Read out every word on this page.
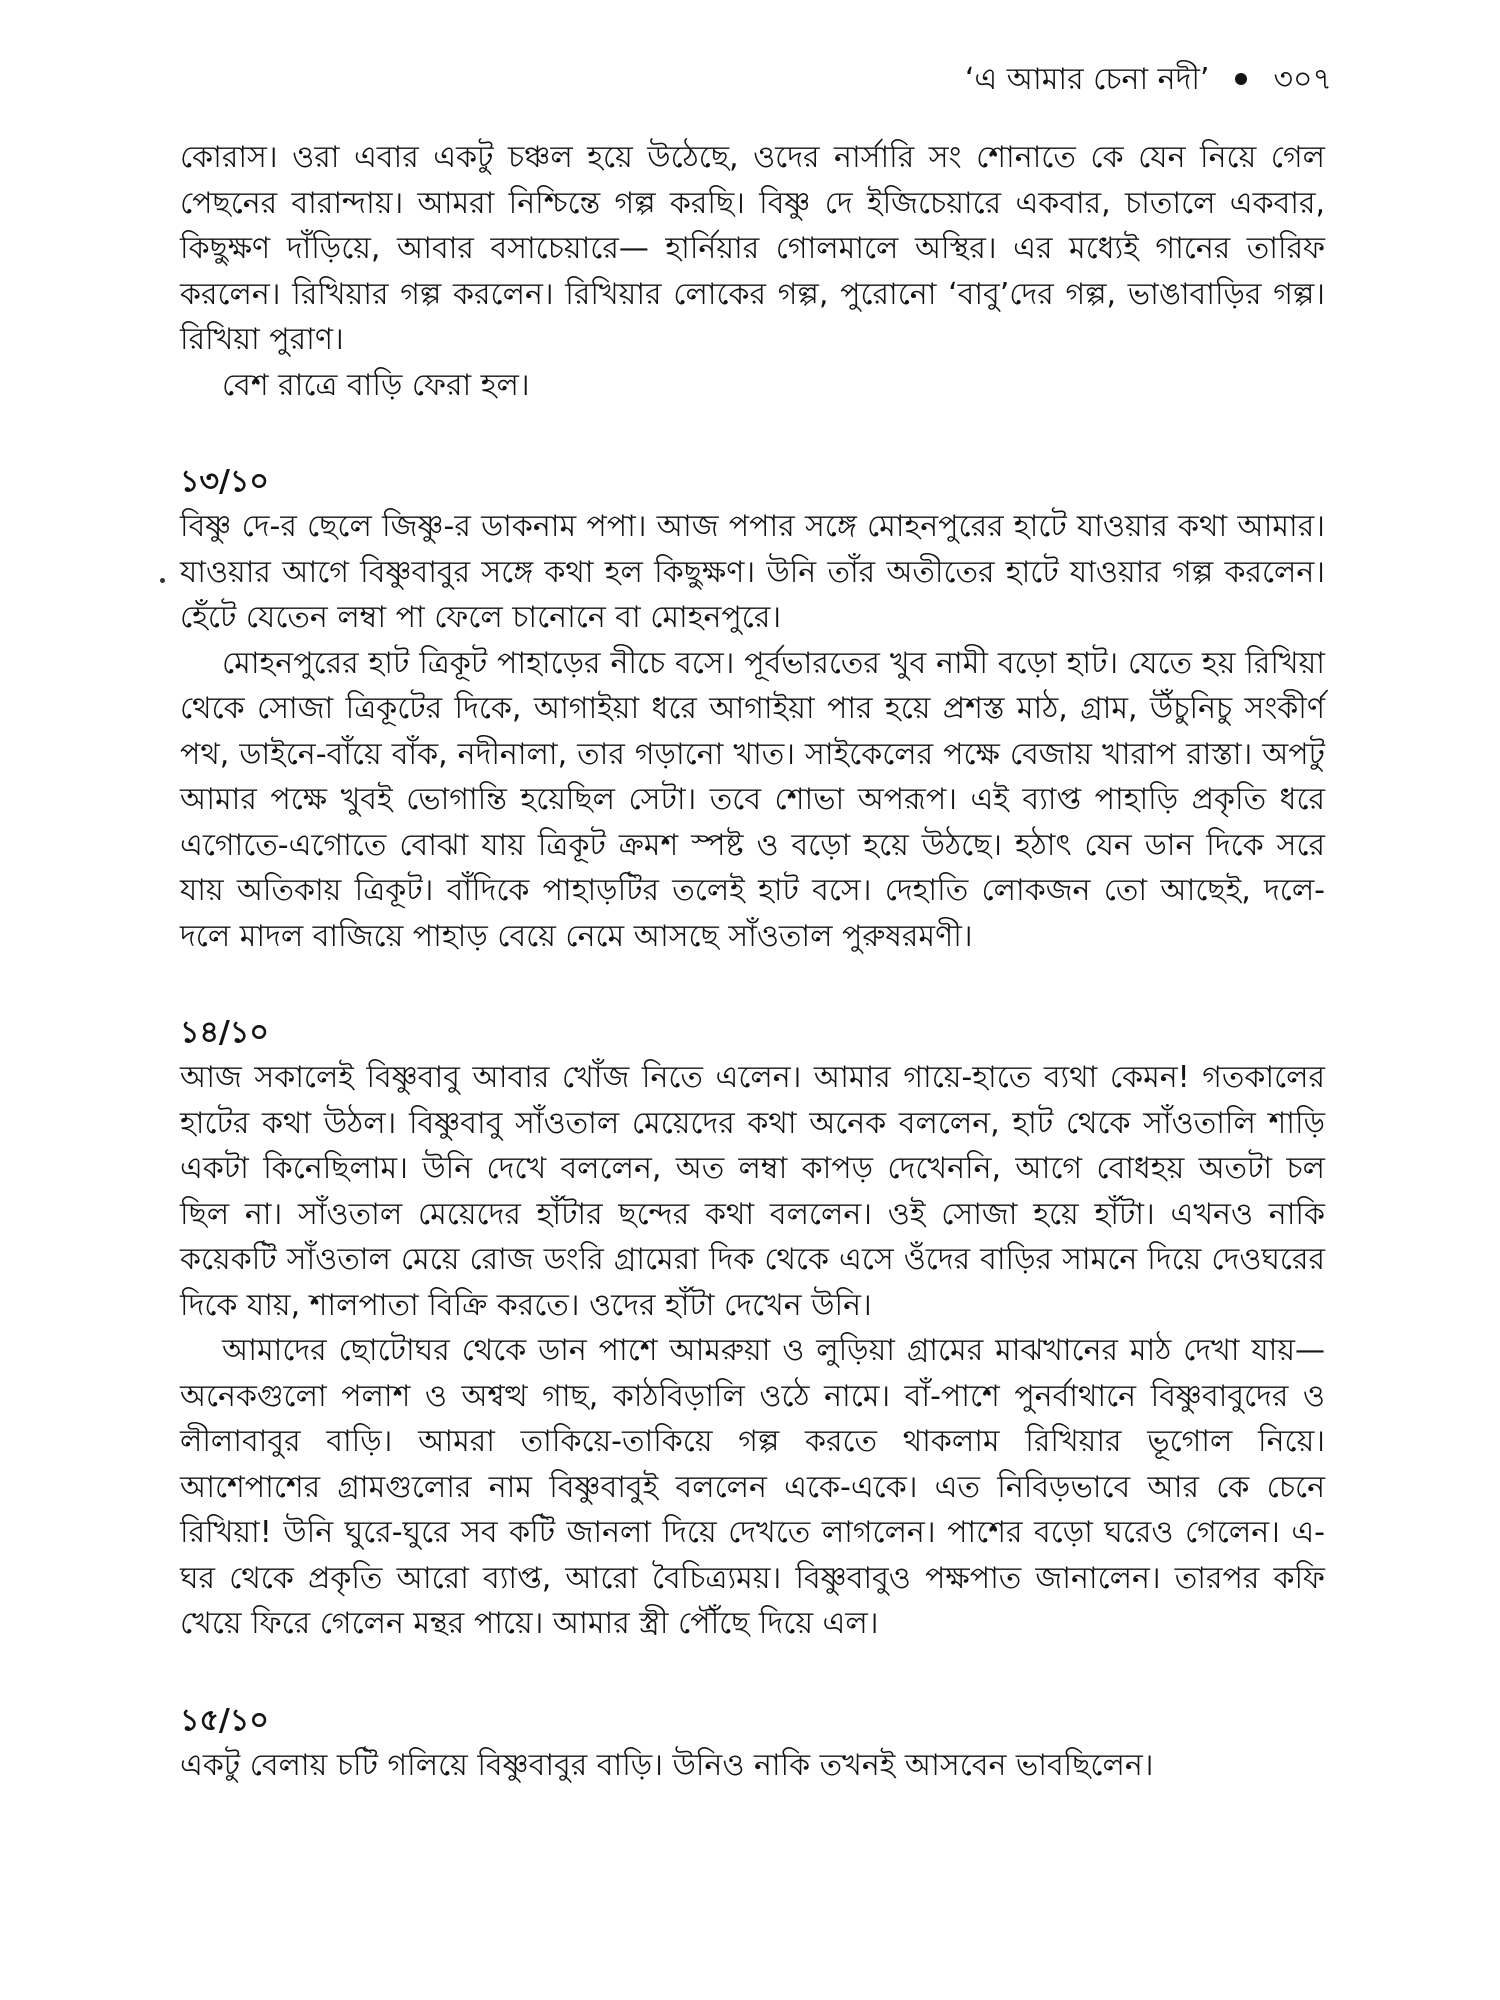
‘এ আমার চেনা নদী’ ৩০৭

কোরাস। ওরা এবার একটু চঞ্চল হয়ে উঠেছে, ওদের নার্সারি সং শোনাতে কে যেন নিয়ে গেল পেছনের বারান্দায়। আমরা নিশ্চিন্তে গল্প করছি। বিষ্ণু দে ইজিচেয়ারে একবার, চাতালে একবার, কিছুক্ষণ দাঁড়িয়ে, আবার বসাচেয়ারে— হার্নিয়ার গোলমালে অস্থির। এর মধ্যেই গানের তারিফ করলেন। রিখিয়ার গল্প করলেন। রিখিয়ার লোকের গল্প, পুরোনো ‘বাবু’দের গল্প, ভাঙাবাড়ির গল্প। রিখিয়া পুরাণ।

বেশ রাত্রে বাড়ি ফেরা হল।

১৩/১০

বিষ্ণু দে-র ছেলে জিষ্ণু-র ডাকনাম পপা। আজ পপার সঙ্গে মোহনপুরের হাটে যাওয়ার কথা আমার। যাওয়ার আগে বিষ্ণুবাবুর সঙ্গে কথা হল কিছুক্ষণ। উনি তাঁর অতীতের হাটে যাওয়ার গল্প করলেন। হেঁটে যেতেন লম্বা পা ফেলে চানোনে বা মোহনপুরে।

মোহনপুরের হাট ত্রিকূট পাহাড়ের নীচে বসে। পূর্বভারতের খুব নামী বড়ো হাট। যেতে হয় রিখিয়া থেকে সোজা ত্রিকূটের দিকে, আগাইয়া ধরে আগাইয়া পার হয়ে প্রশস্ত মাঠ, গ্রাম, উঁচুনিচু সংকীর্ণ পথ, ডাইনে-বাঁয়ে বাঁক, নদীনালা, তার গড়ানো খাত। সাইকেলের পক্ষে বেজায় খারাপ রাস্তা। অপটু আমার পক্ষে খুবই ভোগান্তি হয়েছিল সেটা। তবে শোভা অপরূপ। এই ব্যাপ্ত পাহাড়ি প্রকৃতি ধরে এগোতে-এগোতে বোঝা যায় ত্রিকূট ক্রমশ স্পষ্ট ও বড়ো হয়ে উঠছে। হঠাৎ যেন ডান দিকে সরে যায় অতিকায় ত্রিকূট। বাঁদিকে পাহাড়টির তলেই হাট বসে। দেহাতি লোকজন তো আছেই, দলে-দলে মাদল বাজিয়ে পাহাড় বেয়ে নেমে আসছে সাঁওতাল পুরুষরমণী।

১৪/১০

আজ সকালেই বিষ্ণুবাবু আবার খোঁজ নিতে এলেন। আমার গায়ে-হাতে ব্যথা কেমন! গতকালের হাটের কথা উঠল। বিষ্ণুবাবু সাঁওতাল মেয়েদের কথা অনেক বললেন, হাট থেকে সাঁওতালি শাড়ি একটা কিনেছিলাম। উনি দেখে বললেন, অত লম্বা কাপড় দেখেননি, আগে বোধহয় অতটা চল ছিল না। সাঁওতাল মেয়েদের হাঁটার ছন্দের কথা বললেন। ওই সোজা হয়ে হাঁটা। এখনও নাকি কয়েকটি সাঁওতাল মেয়ে রোজ ডংরি গ্রামেরা দিক থেকে এসে ওঁদের বাড়ির সামনে দিয়ে দেওঘরের দিকে যায়, শালপাতা বিক্রি করতে। ওদের হাঁটা দেখেন উনি।

আমাদের ছোটোঘর থেকে ডান পাশে আমরুয়া ও লুড়িয়া গ্রামের মাঝখানের মাঠ দেখা যায়—অনেকগুলো পলাশ ও অশ্বত্থ গাছ, কাঠবিড়ালি ওঠে নামে। বাঁ-পাশে পুনর্বাথানে বিষ্ণুবাবুদের ও লীলাবাবুর বাড়ি। আমরা তাকিয়ে-তাকিয়ে গল্প করতে থাকলাম রিখিয়ার ভূগোল নিয়ে। আশেপাশের গ্রামগুলোর নাম বিষ্ণুবাবুই বললেন একে-একে। এত নিবিড়ভাবে আর কে চেনে রিখিয়া! উনি ঘুরে-ঘুরে সব কটি জানলা দিয়ে দেখতে লাগলেন। পাশের বড়ো ঘরেও গেলেন। এ-ঘর থেকে প্রকৃতি আরো ব্যাপ্ত, আরো বৈচিত্র্যময়। বিষ্ণুবাবুও পক্ষপাত জানালেন। তারপর কফি খেয়ে ফিরে গেলেন মন্থর পায়ে। আমার স্ত্রী পৌঁছে দিয়ে এল।

১৫/১০

একটু বেলায় চটি গলিয়ে বিষ্ণুবাবুর বাড়ি। উনিও নাকি তখনই আসবেন ভাবছিলেন।
